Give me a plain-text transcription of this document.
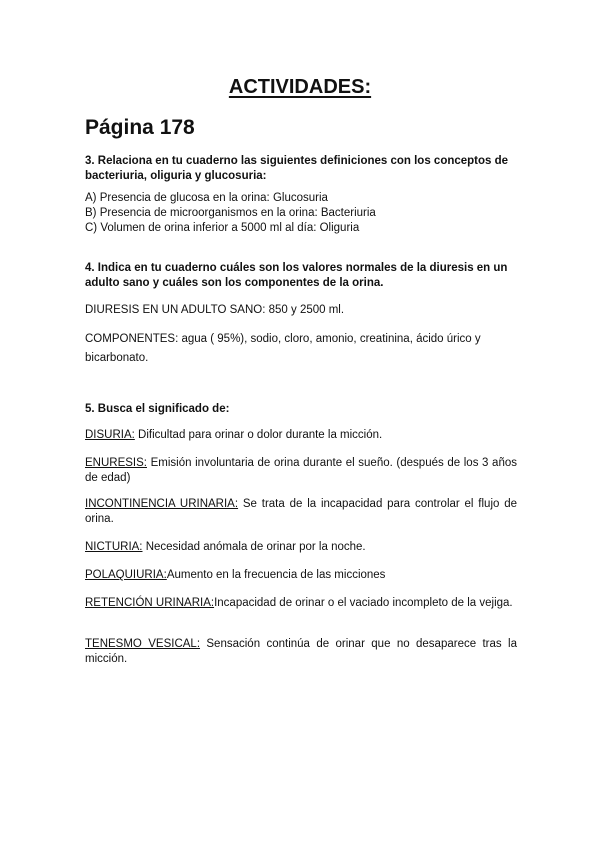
ACTIVIDADES:
Página 178
3. Relaciona en tu cuaderno las siguientes definiciones con los conceptos de bacteriuria, oliguria y glucosuria:
A) Presencia de glucosa en la orina: Glucosuria
B) Presencia de microorganismos en la orina: Bacteriuria
C) Volumen de orina inferior a 5000 ml al día: Oliguria
4. Indica en tu cuaderno cuáles son los valores normales de la diuresis en un adulto sano y cuáles son los componentes de la orina.
DIURESIS EN UN ADULTO SANO: 850 y 2500 ml.
COMPONENTES: agua ( 95%), sodio, cloro, amonio, creatinina, ácido úrico y bicarbonato.
5. Busca el significado de:
DISURIA: Dificultad para orinar o dolor durante la micción.
ENURESIS: Emisión involuntaria de orina durante el sueño. (después de los 3 años de edad)
INCONTINENCIA URINARIA: Se trata de la incapacidad para controlar el flujo de orina.
NICTURIA: Necesidad anómala de orinar por la noche.
POLAQUIURIA:Aumento en la frecuencia de las micciones
RETENCIÓN URINARIA:Incapacidad de orinar o el vaciado incompleto de la vejiga.
TENESMO VESICAL: Sensación continúa de orinar que no desaparece tras la micción.
